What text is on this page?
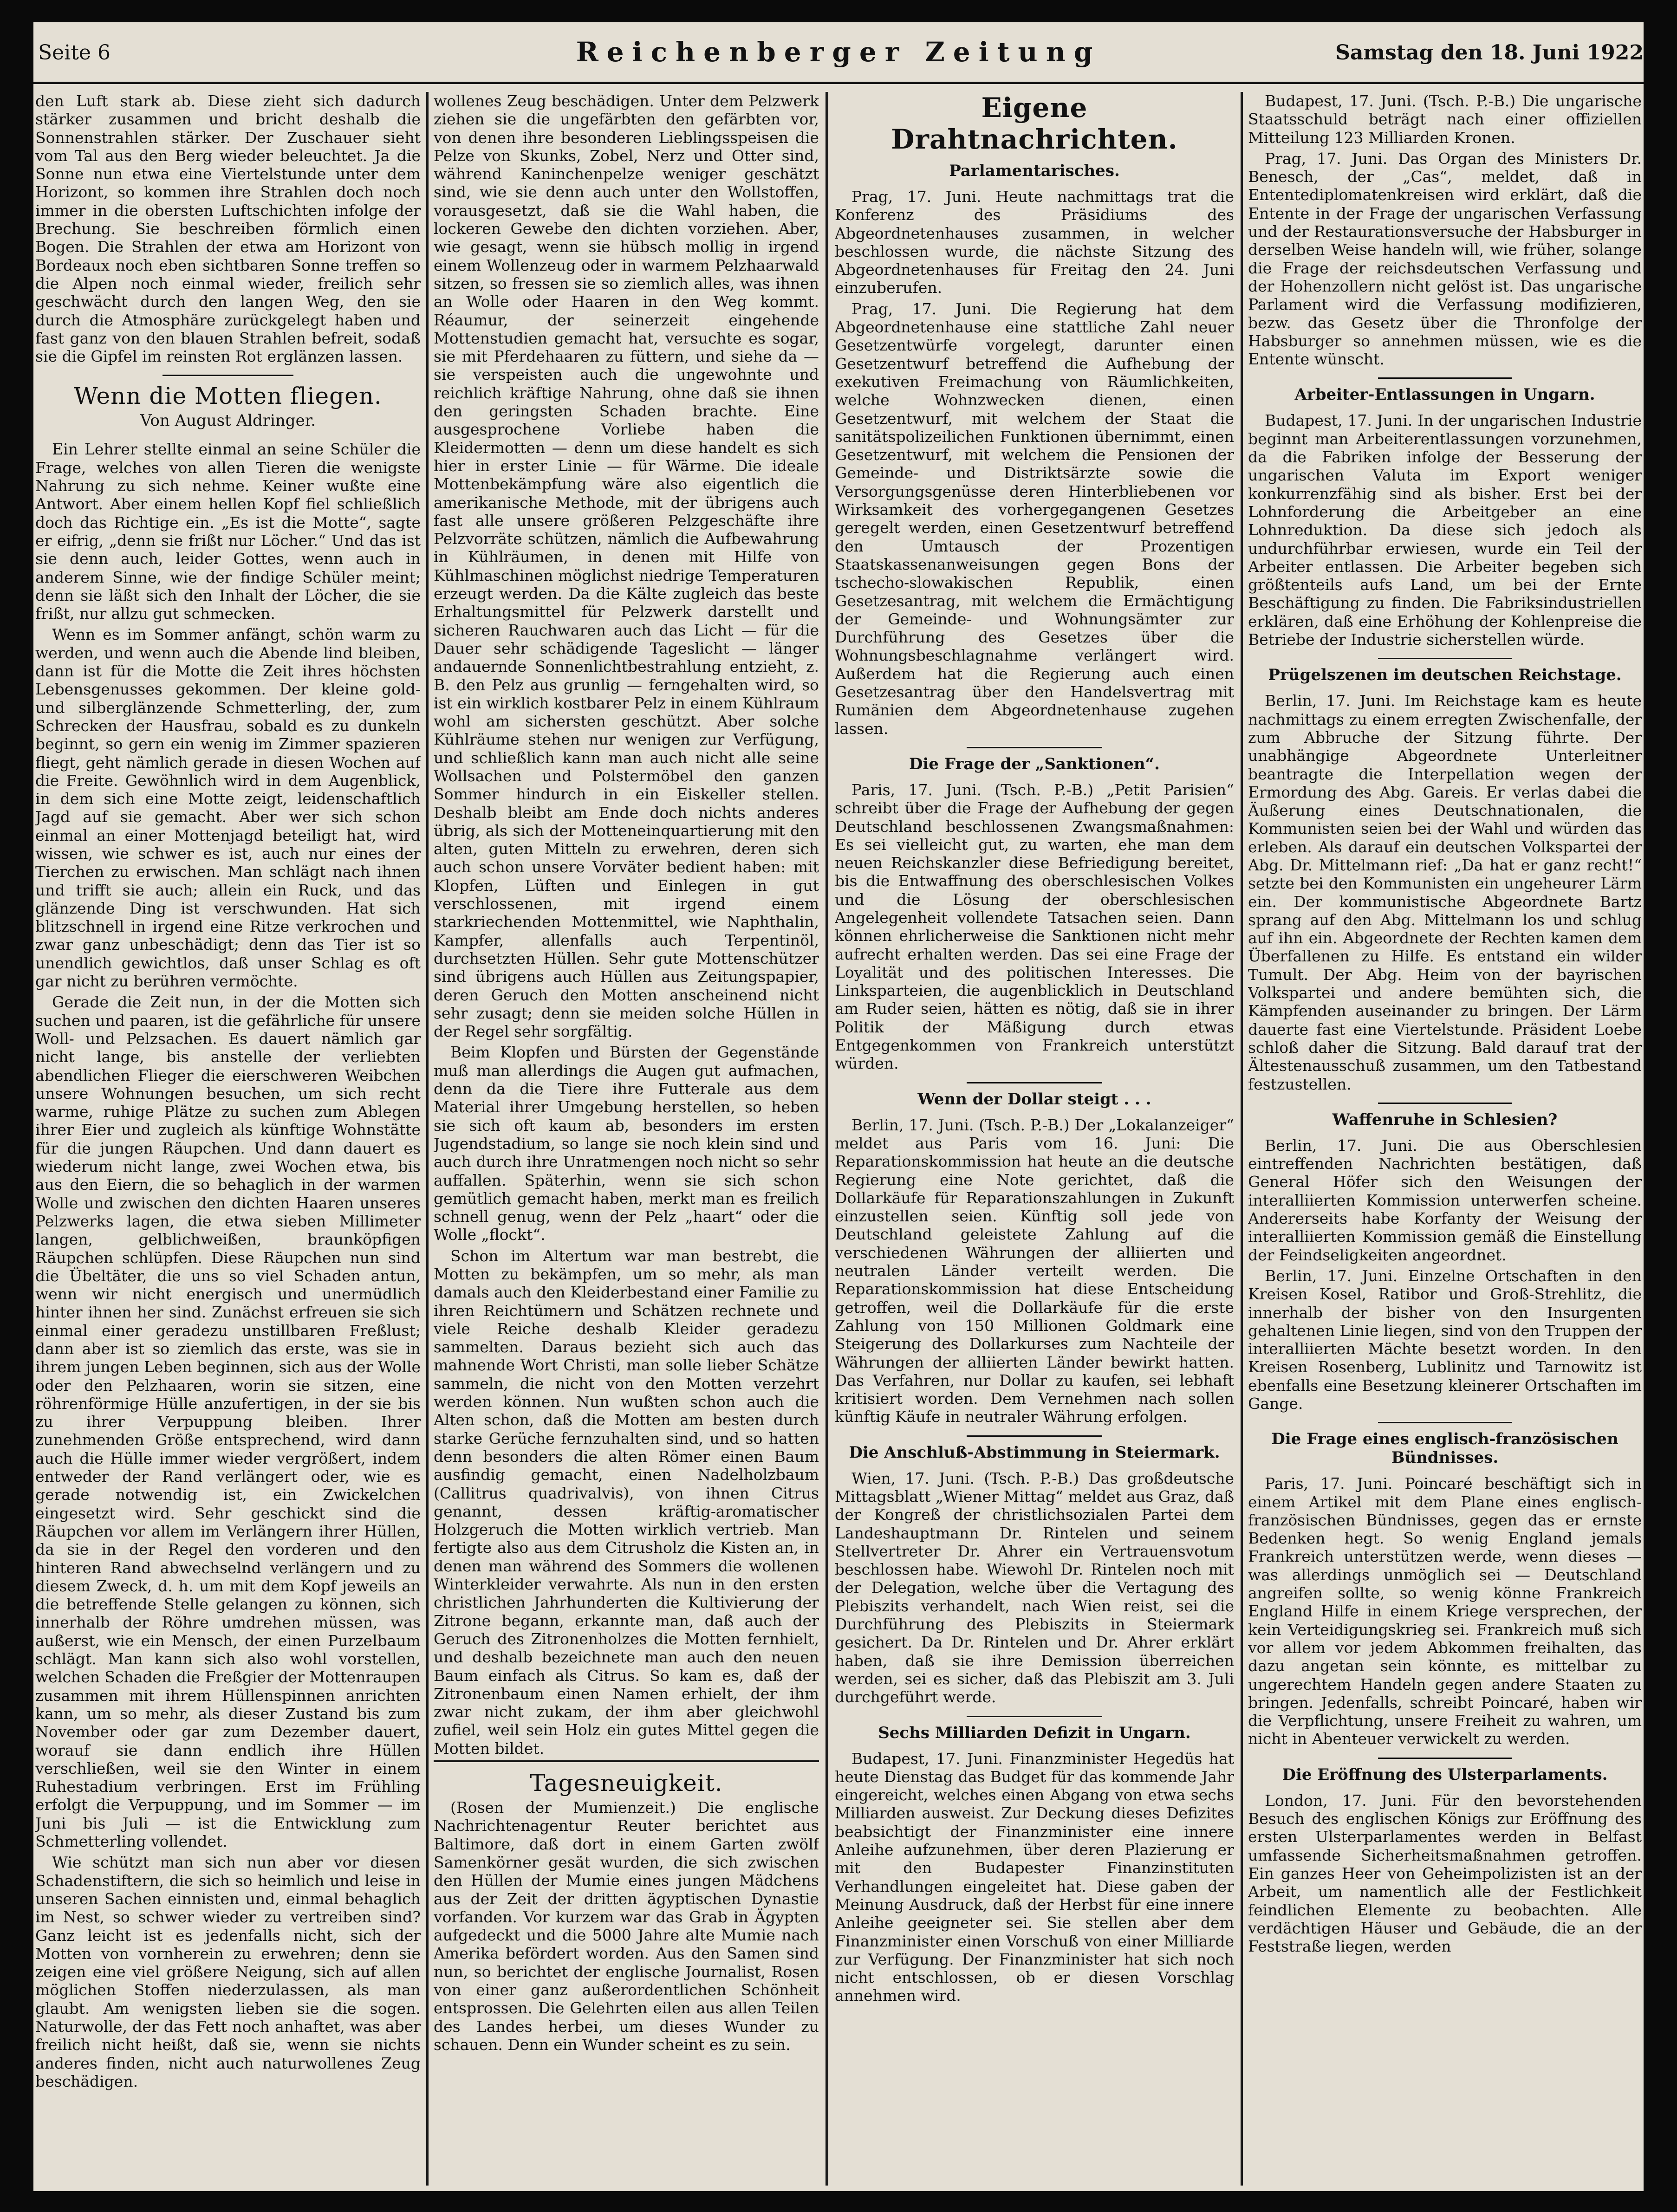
Seite 6	Reichenberger Zeitung	Samstag den 18. Juni 1922

den Luft stark ab. Diese zieht sich dadurch stärker zusammen und bricht deshalb die Sonnenstrahlen stärker. Der Zuschauer sieht vom Tal aus den Berg wieder beleuchtet. Ja die Sonne nun etwa eine Viertelstunde unter dem Horizont, so kommen ihre Strahlen doch noch immer in die obersten Luftschichten infolge der Brechung. Sie beschreiben förmlich einen Bogen. Die Strahlen der etwa am Horizont von Bordeaux noch eben sichtbaren Sonne treffen so die Alpen noch einmal wieder, freilich sehr geschwächt durch den langen Weg, den sie durch die Atmosphäre zurückgelegt haben und fast ganz von den blauen Strahlen befreit, sodaß sie die Gipfel im reinsten Rot erglänzen lassen.

Wenn die Motten fliegen.
Von August Aldringer.

Ein Lehrer stellte einmal an seine Schüler die Frage, welches von allen Tieren die wenigste Nahrung zu sich nehme. Keiner wußte eine Antwort. Aber einem hellen Kopf fiel schließlich doch das Richtige ein. „Es ist die Motte“, sagte er eifrig, „denn sie frißt nur Löcher.“ Und das ist sie denn auch, leider Gottes, wenn auch in anderem Sinne, wie der findige Schüler meint; denn sie läßt sich den Inhalt der Löcher, die sie frißt, nur allzu gut schmecken.

Wenn es im Sommer anfängt, schön warm zu werden, und wenn auch die Abende lind bleiben, dann ist für die Motte die Zeit ihres höchsten Lebensgenusses gekommen. Der kleine gold- und silberglänzende Schmetterling, der, zum Schrecken der Hausfrau, sobald es zu dunkeln beginnt, so gern ein wenig im Zimmer spazieren fliegt, geht nämlich gerade in diesen Wochen auf die Freite. Gewöhnlich wird in dem Augenblick, in dem sich eine Motte zeigt, leidenschaftlich Jagd auf sie gemacht. Aber wer sich schon einmal an einer Mottenjagd beteiligt hat, wird wissen, wie schwer es ist, auch nur eines der Tierchen zu erwischen. Man schlägt nach ihnen und trifft sie auch; allein ein Ruck, und das glänzende Ding ist verschwunden. Hat sich blitzschnell in irgend eine Ritze verkrochen und zwar ganz unbeschädigt; denn das Tier ist so unendlich gewichtlos, daß unser Schlag es oft gar nicht zu berühren vermöchte.

Gerade die Zeit nun, in der die Motten sich suchen und paaren, ist die gefährliche für unsere Woll- und Pelzsachen. Es dauert nämlich gar nicht lange, bis anstelle der verliebten abendlichen Flieger die eierschweren Weibchen unsere Wohnungen besuchen, um sich recht warme, ruhige Plätze zu suchen zum Ablegen ihrer Eier und zugleich als künftige Wohnstätte für die jungen Räupchen. Und dann dauert es wiederum nicht lange, zwei Wochen etwa, bis aus den Eiern, die so behaglich in der warmen Wolle und zwischen den dichten Haaren unseres Pelzwerks lagen, die etwa sieben Millimeter langen, gelblichweißen, braunköpfigen Räupchen schlüpfen. Diese Räupchen nun sind die Übeltäter, die uns so viel Schaden antun, wenn wir nicht energisch und unermüdlich hinter ihnen her sind. Zunächst erfreuen sie sich einmal einer geradezu unstillbaren Freßlust; dann aber ist so ziemlich das erste, was sie in ihrem jungen Leben beginnen, sich aus der Wolle oder den Pelzhaaren, worin sie sitzen, eine röhrenförmige Hülle anzufertigen, in der sie bis zu ihrer Verpuppung bleiben. Ihrer zunehmenden Größe entsprechend, wird dann auch die Hülle immer wieder vergrößert, indem entweder der Rand verlängert oder, wie es gerade notwendig ist, ein Zwickelchen eingesetzt wird. Sehr geschickt sind die Räupchen vor allem im Verlängern ihrer Hüllen, da sie in der Regel den vorderen und den hinteren Rand abwechselnd verlängern und zu diesem Zweck, d. h. um mit dem Kopf jeweils an die betreffende Stelle gelangen zu können, sich innerhalb der Röhre umdrehen müssen, was außerst, wie ein Mensch, der einen Purzelbaum schlägt. Man kann sich also wohl vorstellen, welchen Schaden die Freßgier der Mottenraupen zusammen mit ihrem Hüllenspinnen anrichten kann, um so mehr, als dieser Zustand bis zum November oder gar zum Dezember dauert, worauf sie dann endlich ihre Hüllen verschließen, weil sie den Winter in einem Ruhestadium verbringen. Erst im Frühling erfolgt die Verpuppung, und im Sommer — im Juni bis Juli — ist die Entwicklung zum Schmetterling vollendet.

Wie schützt man sich nun aber vor diesen Schadenstiftern, die sich so heimlich und leise in unseren Sachen einnisten und, einmal behaglich im Nest, so schwer wieder zu vertreiben sind? Ganz leicht ist es jedenfalls nicht, sich der Motten von vornherein zu erwehren; denn sie zeigen eine viel größere Neigung, sich auf allen möglichen Stoffen niederzulassen, als man glaubt. Am wenigsten lieben sie die sogen. Naturwolle, der das Fett noch anhaftet, was aber freilich nicht heißt, daß sie, wenn sie nichts anderes finden, nicht auch naturwollenes Zeug beschädigen.

wollenes Zeug beschädigen. Unter dem Pelzwerk ziehen sie die ungefärbten den gefärbten vor, von denen ihre besonderen Lieblingsspeisen die Pelze von Skunks, Zobel, Nerz und Otter sind, während Kaninchenpelze weniger geschätzt sind, wie sie denn auch unter den Wollstoffen, vorausgesetzt, daß sie die Wahl haben, die lockeren Gewebe den dichten vorziehen. Aber, wie gesagt, wenn sie hübsch mollig in irgend einem Wollenzeug oder in warmem Pelzhaarwald sitzen, so fressen sie so ziemlich alles, was ihnen an Wolle oder Haaren in den Weg kommt. Réaumur, der seinerzeit eingehende Mottenstudien gemacht hat, versuchte es sogar, sie mit Pferdehaaren zu füttern, und siehe da — sie verspeisten auch die ungewohnte und reichlich kräftige Nahrung, ohne daß sie ihnen den geringsten Schaden brachte. Eine ausgesprochene Vorliebe haben die Kleidermotten — denn um diese handelt es sich hier in erster Linie — für Wärme. Die ideale Mottenbekämpfung wäre also eigentlich die amerikanische Methode, mit der übrigens auch fast alle unsere größeren Pelzgeschäfte ihre Pelzvorräte schützen, nämlich die Aufbewahrung in Kühlräumen, in denen mit Hilfe von Kühlmaschinen möglichst niedrige Temperaturen erzeugt werden. Da die Kälte zugleich das beste Erhaltungsmittel für Pelzwerk darstellt und sicheren Rauchwaren auch das Licht — für die Dauer sehr schädigende Tageslicht — länger andauernde Sonnenlichtbestrahlung entzieht, z. B. den Pelz aus grunlig — ferngehalten wird, so ist ein wirklich kostbarer Pelz in einem Kühlraum wohl am sichersten geschützt. Aber solche Kühlräume stehen nur wenigen zur Verfügung, und schließlich kann man auch nicht alle seine Wollsachen und Polstermöbel den ganzen Sommer hindurch in ein Eiskeller stellen. Deshalb bleibt am Ende doch nichts anderes übrig, als sich der Motteneinquartierung mit den alten, guten Mitteln zu erwehren, deren sich auch schon unsere Vorväter bedient haben: mit Klopfen, Lüften und Einlegen in gut verschlossenen, mit irgend einem starkriechenden Mottenmittel, wie Naphthalin, Kampfer, allenfalls auch Terpentinöl, durchsetzten Hüllen. Sehr gute Mottenschützer sind übrigens auch Hüllen aus Zeitungspapier, deren Geruch den Motten anscheinend nicht sehr zusagt; denn sie meiden solche Hüllen in der Regel sehr sorgfältig.

Beim Klopfen und Bürsten der Gegenstände muß man allerdings die Augen gut aufmachen, denn da die Tiere ihre Futterale aus dem Material ihrer Umgebung herstellen, so heben sie sich oft kaum ab, besonders im ersten Jugendstadium, so lange sie noch klein sind und auch durch ihre Unratmengen noch nicht so sehr auffallen. Späterhin, wenn sie sich schon gemütlich gemacht haben, merkt man es freilich schnell genug, wenn der Pelz „haart“ oder die Wolle „flockt“.

Schon im Altertum war man bestrebt, die Motten zu bekämpfen, um so mehr, als man damals auch den Kleiderbestand einer Familie zu ihren Reichtümern und Schätzen rechnete und viele Reiche deshalb Kleider geradezu sammelten. Daraus bezieht sich auch das mahnende Wort Christi, man solle lieber Schätze sammeln, die nicht von den Motten verzehrt werden können. Nun wußten schon auch die Alten schon, daß die Motten am besten durch starke Gerüche fernzuhalten sind, und so hatten denn besonders die alten Römer einen Baum ausfindig gemacht, einen Nadelholzbaum (Callitrus quadrivalvis), von ihnen Citrus genannt, dessen kräftig-aromatischer Holzgeruch die Motten wirklich vertrieb. Man fertigte also aus dem Citrusholz die Kisten an, in denen man während des Sommers die wollenen Winterkleider verwahrte. Als nun in den ersten christlichen Jahrhunderten die Kultivierung der Zitrone begann, erkannte man, daß auch der Geruch des Zitronenholzes die Motten fernhielt, und deshalb bezeichnete man auch den neuen Baum einfach als Citrus. So kam es, daß der Zitronenbaum einen Namen erhielt, der ihm zwar nicht zukam, der ihm aber gleichwohl zufiel, weil sein Holz ein gutes Mittel gegen die Motten bildet.

Tagesneuigkeit.

(Rosen der Mumienzeit.) Die englische Nachrichtenagentur Reuter berichtet aus Baltimore, daß dort in einem Garten zwölf Samenkörner gesät wurden, die sich zwischen den Hüllen der Mumie eines jungen Mädchens aus der Zeit der dritten ägyptischen Dynastie vorfanden. Vor kurzem war das Grab in Ägypten aufgedeckt und die 5000 Jahre alte Mumie nach Amerika befördert worden. Aus den Samen sind nun, so berichtet der englische Journalist, Rosen von einer ganz außerordentlichen Schönheit entsprossen. Die Gelehrten eilen aus allen Teilen des Landes herbei, um dieses Wunder zu schauen. Denn ein Wunder scheint es zu sein.

Eigene Drahtnachrichten.
Parlamentarisches.

Prag, 17. Juni. Heute nachmittags trat die Konferenz des Präsidiums des Abgeordnetenhauses zusammen, in welcher beschlossen wurde, die nächste Sitzung des Abgeordnetenhauses für Freitag den 24. Juni einzuberufen.

Prag, 17. Juni. Die Regierung hat dem Abgeordnetenhause eine stattliche Zahl neuer Gesetzentwürfe vorgelegt, darunter einen Gesetzentwurf betreffend die Aufhebung der exekutiven Freimachung von Räumlichkeiten, welche Wohnzwecken dienen, einen Gesetzentwurf, mit welchem der Staat die sanitätspolizeilichen Funktionen übernimmt, einen Gesetzentwurf, mit welchem die Pensionen der Gemeinde- und Distriktsärzte sowie die Versorgungsgenüsse deren Hinterbliebenen vor Wirksamkeit des vorhergegangenen Gesetzes geregelt werden, einen Gesetzentwurf betreffend den Umtausch der Prozentigen Staatskassenanweisungen gegen Bons der tschecho-slowakischen Republik, einen Gesetzesantrag, mit welchem die Ermächtigung der Gemeinde- und Wohnungsämter zur Durchführung des Gesetzes über die Wohnungsbeschlagnahme verlängert wird. Außerdem hat die Regierung auch einen Gesetzesantrag über den Handelsvertrag mit Rumänien dem Abgeordnetenhause zugehen lassen.

Die Frage der „Sanktionen“.

Paris, 17. Juni. (Tsch. P.-B.) „Petit Parisien“ schreibt über die Frage der Aufhebung der gegen Deutschland beschlossenen Zwangsmaßnahmen: Es sei vielleicht gut, zu warten, ehe man dem neuen Reichskanzler diese Befriedigung bereitet, bis die Entwaffnung des oberschlesischen Volkes und die Lösung der oberschlesischen Angelegenheit vollendete Tatsachen seien. Dann können ehrlicherweise die Sanktionen nicht mehr aufrecht erhalten werden. Das sei eine Frage der Loyalität und des politischen Interesses. Die Linksparteien, die augenblicklich in Deutschland am Ruder seien, hätten es nötig, daß sie in ihrer Politik der Mäßigung durch etwas Entgegenkommen von Frankreich unterstützt würden.

Wenn der Dollar steigt . . .

Berlin, 17. Juni. (Tsch. P.-B.) Der „Lokalanzeiger“ meldet aus Paris vom 16. Juni: Die Reparationskommission hat heute an die deutsche Regierung eine Note gerichtet, daß die Dollarkäufe für Reparationszahlungen in Zukunft einzustellen seien. Künftig soll jede von Deutschland geleistete Zahlung auf die verschiedenen Währungen der alliierten und neutralen Länder verteilt werden. Die Reparationskommission hat diese Entscheidung getroffen, weil die Dollarkäufe für die erste Zahlung von 150 Millionen Goldmark eine Steigerung des Dollarkurses zum Nachteile der Währungen der alliierten Länder bewirkt hatten. Das Verfahren, nur Dollar zu kaufen, sei lebhaft kritisiert worden. Dem Vernehmen nach sollen künftig Käufe in neutraler Währung erfolgen.

Die Anschluß-Abstimmung in Steiermark.

Wien, 17. Juni. (Tsch. P.-B.) Das großdeutsche Mittagsblatt „Wiener Mittag“ meldet aus Graz, daß der Kongreß der christlichsozialen Partei dem Landeshauptmann Dr. Rintelen und seinem Stellvertreter Dr. Ahrer ein Vertrauensvotum beschlossen habe. Wiewohl Dr. Rintelen noch mit der Delegation, welche über die Vertagung des Plebiszits verhandelt, nach Wien reist, sei die Durchführung des Plebiszits in Steiermark gesichert. Da Dr. Rintelen und Dr. Ahrer erklärt haben, daß sie ihre Demission überreichen werden, sei es sicher, daß das Plebiszit am 3. Juli durchgeführt werde.

Sechs Milliarden Defizit in Ungarn.

Budapest, 17. Juni. Finanzminister Hegedüs hat heute Dienstag das Budget für das kommende Jahr eingereicht, welches einen Abgang von etwa sechs Milliarden ausweist. Zur Deckung dieses Defizites beabsichtigt der Finanzminister eine innere Anleihe aufzunehmen, über deren Plazierung er mit den Budapester Finanzinstituten Verhandlungen eingeleitet hat. Diese gaben der Meinung Ausdruck, daß der Herbst für eine innere Anleihe geeigneter sei. Sie stellen aber dem Finanzminister einen Vorschuß von einer Milliarde zur Verfügung. Der Finanzminister hat sich noch nicht entschlossen, ob er diesen Vorschlag annehmen wird.

Budapest, 17. Juni. (Tsch. P.-B.) Die ungarische Staatsschuld beträgt nach einer offiziellen Mitteilung 123 Milliarden Kronen.

Prag, 17. Juni. Das Organ des Ministers Dr. Benesch, der „Cas“, meldet, daß in Ententediplomatenkreisen wird erklärt, daß die Entente in der Frage der ungarischen Verfassung und der Restaurationsversuche der Habsburger in derselben Weise handeln will, wie früher, solange die Frage der reichsdeutschen Verfassung und der Hohenzollern nicht gelöst ist. Das ungarische Parlament wird die Verfassung modifizieren, bezw. das Gesetz über die Thronfolge der Habsburger so annehmen müssen, wie es die Entente wünscht.

Arbeiter-Entlassungen in Ungarn.

Budapest, 17. Juni. In der ungarischen Industrie beginnt man Arbeiterentlassungen vorzunehmen, da die Fabriken infolge der Besserung der ungarischen Valuta im Export weniger konkurrenzfähig sind als bisher. Erst bei der Lohnforderung die Arbeitgeber an eine Lohnreduktion. Da diese sich jedoch als undurchführbar erwiesen, wurde ein Teil der Arbeiter entlassen. Die Arbeiter begeben sich größtenteils aufs Land, um bei der Ernte Beschäftigung zu finden. Die Fabriksindustriellen erklären, daß eine Erhöhung der Kohlenpreise die Betriebe der Industrie sicherstellen würde.

Prügelszenen im deutschen Reichstage.

Berlin, 17. Juni. Im Reichstage kam es heute nachmittags zu einem erregten Zwischenfalle, der zum Abbruche der Sitzung führte. Der unabhängige Abgeordnete Unterleitner beantragte die Interpellation wegen der Ermordung des Abg. Gareis. Er verlas dabei die Äußerung eines Deutschnationalen, die Kommunisten seien bei der Wahl und würden das erleben. Als darauf ein deutschen Volkspartei der Abg. Dr. Mittelmann rief: „Da hat er ganz recht!“ setzte bei den Kommunisten ein ungeheurer Lärm ein. Der kommunistische Abgeordnete Bartz sprang auf den Abg. Mittelmann los und schlug auf ihn ein. Abgeordnete der Rechten kamen dem Überfallenen zu Hilfe. Es entstand ein wilder Tumult. Der Abg. Heim von der bayrischen Volkspartei und andere bemühten sich, die Kämpfenden auseinander zu bringen. Der Lärm dauerte fast eine Viertelstunde. Präsident Loebe schloß daher die Sitzung. Bald darauf trat der Ältestenausschuß zusammen, um den Tatbestand festzustellen.

Waffenruhe in Schlesien?

Berlin, 17. Juni. Die aus Oberschlesien eintreffenden Nachrichten bestätigen, daß General Höfer sich den Weisungen der interalliierten Kommission unterwerfen scheine. Andererseits habe Korfanty der Weisung der interalliierten Kommission gemäß die Einstellung der Feindseligkeiten angeordnet.

Berlin, 17. Juni. Einzelne Ortschaften in den Kreisen Kosel, Ratibor und Groß-Strehlitz, die innerhalb der bisher von den Insurgenten gehaltenen Linie liegen, sind von den Truppen der interalliierten Mächte besetzt worden. In den Kreisen Rosenberg, Lublinitz und Tarnowitz ist ebenfalls eine Besetzung kleinerer Ortschaften im Gange.

Die Frage eines englisch-französischen Bündnisses.

Paris, 17. Juni. Poincaré beschäftigt sich in einem Artikel mit dem Plane eines englisch-französischen Bündnisses, gegen das er ernste Bedenken hegt. So wenig England jemals Frankreich unterstützen werde, wenn dieses — was allerdings unmöglich sei — Deutschland angreifen sollte, so wenig könne Frankreich England Hilfe in einem Kriege versprechen, der kein Verteidigungskrieg sei. Frankreich muß sich vor allem vor jedem Abkommen freihalten, das dazu angetan sein könnte, es mittelbar zu ungerechtem Handeln gegen andere Staaten zu bringen. Jedenfalls, schreibt Poincaré, haben wir die Verpflichtung, unsere Freiheit zu wahren, um nicht in Abenteuer verwickelt zu werden.

Die Eröffnung des Ulsterparlaments.

London, 17. Juni. Für den bevorstehenden Besuch des englischen Königs zur Eröffnung des ersten Ulsterparlamentes werden in Belfast umfassende Sicherheitsmaßnahmen getroffen. Ein ganzes Heer von Geheimpolizisten ist an der Arbeit, um namentlich alle der Festlichkeit feindlichen Elemente zu beobachten. Alle verdächtigen Häuser und Gebäude, die an der Feststraße liegen, werden
